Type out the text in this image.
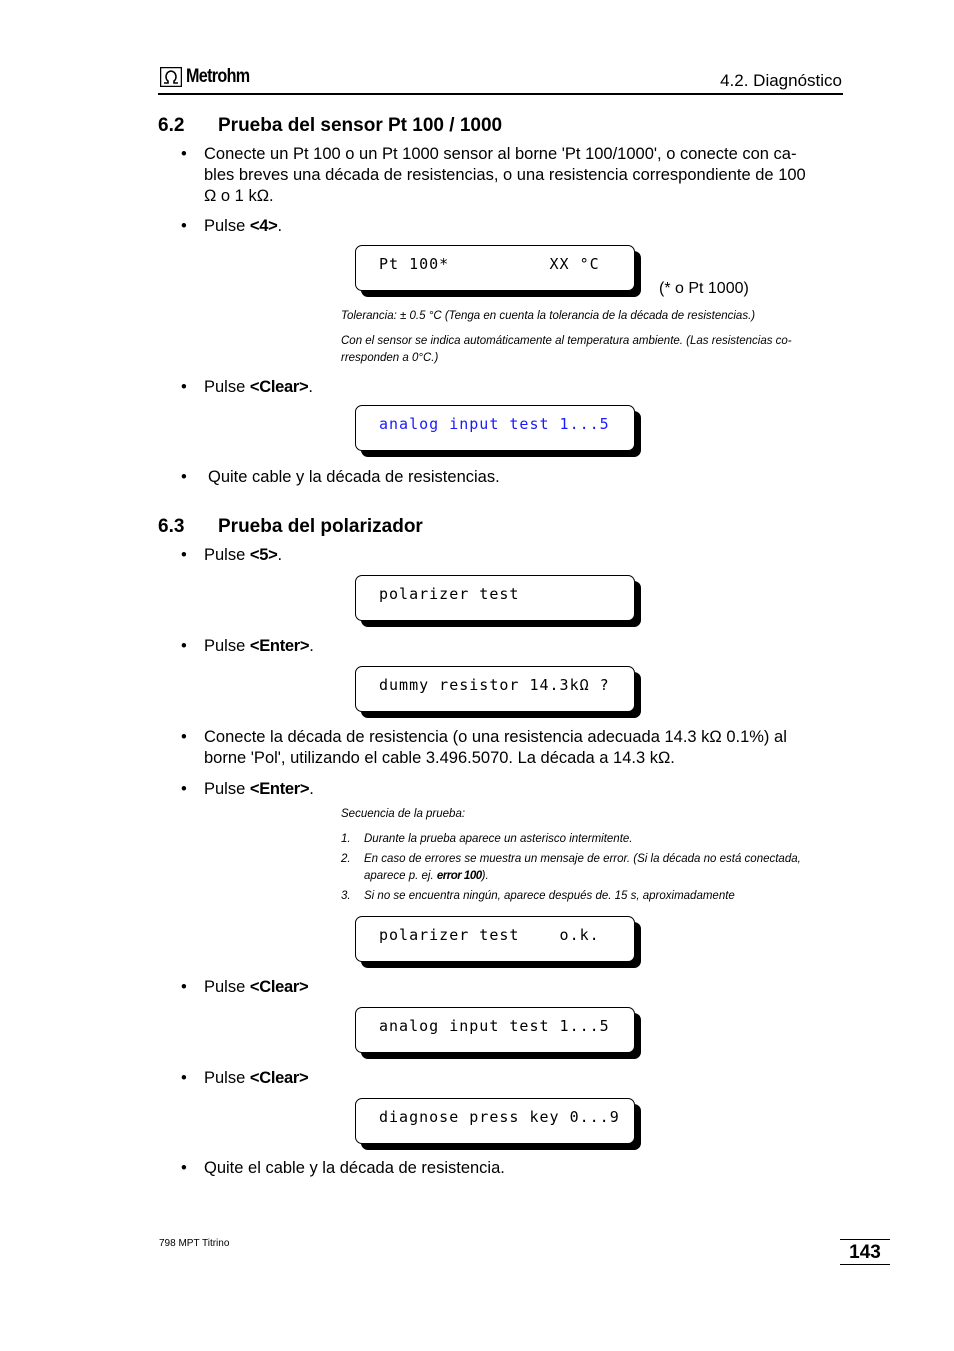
Metrohm	4.2. Diagnóstico
6.2 Prueba del sensor Pt 100 / 1000
• Conecte un Pt 100 o un Pt 1000 sensor al borne 'Pt 100/1000', o conecte con ca-
bles breves una década de resistencias, o una resistencia correspondiente de 100
Ω o 1 kΩ.
• Pulse <4>.
Pt 100*          XX °C
(* o Pt 1000)
Tolerancia: ± 0.5 °C (Tenga en cuenta la tolerancia de la década de resistencias.)
Con el sensor se indica automáticamente al temperatura ambiente. (Las resistencias co-
rresponden a 0°C.)
• Pulse <Clear>.
analog input test 1...5
• Quite cable y la década de resistencias.
6.3 Prueba del polarizador
• Pulse <5>.
polarizer test
• Pulse <Enter>.
dummy resistor 14.3kΩ ?
• Conecte la década de resistencia (o una resistencia adecuada 14.3 kΩ 0.1%) al
borne 'Pol', utilizando el cable 3.496.5070. La década a 14.3 kΩ.
• Pulse <Enter>.
Secuencia de la prueba:
1. Durante la prueba aparece un asterisco intermitente.
2. En caso de errores se muestra un mensaje de error. (Si la década no está conectada,
aparece p. ej. error 100).
3. Si no se encuentra ningún, aparece después de. 15 s, aproximadamente
polarizer test    o.k.
• Pulse <Clear>
analog input test 1...5
• Pulse <Clear>
diagnose press key 0...9
• Quite el cable y la década de resistencia.
798 MPT Titrino	143
